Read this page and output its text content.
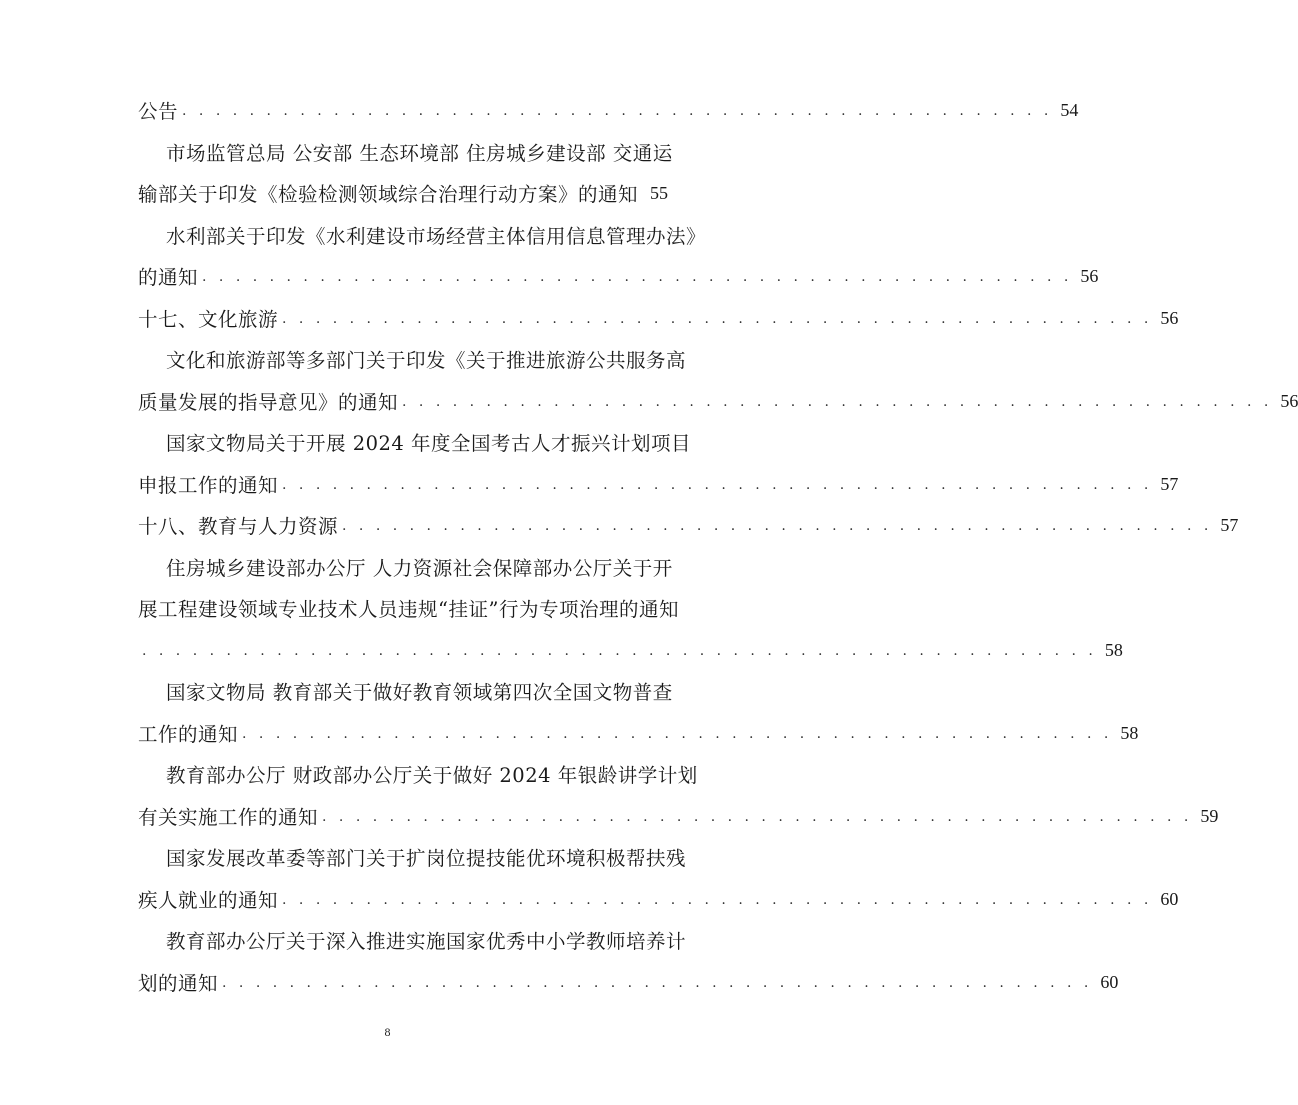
公告 . . . . . . . . . . . . . . . . . . . . . . . . . . . . . . . . . . . . . . . . . . . . . . . . . . . . 54
市场监管总局 公安部 生态环境部 住房城乡建设部 交通运
输部关于印发《检验检测领域综合治理行动方案》的通知 55
水利部关于印发《水利建设市场经营主体信用信息管理办法》
的通知 . . . . . . . . . . . . . . . . . . . . . . . . . . . . . . . . . . . . . . . . . . . . . . . . . . . . 56
十七、文化旅游 . . . . . . . . . . . . . . . . . . . . . . . . . . . . . . . . . . . . . . . . . . . . . . . . . . . . 56
文化和旅游部等多部门关于印发《关于推进旅游公共服务高
质量发展的指导意见》的通知 . . . . . . . . . . . . . . . . . . . . . . . . . . . . . . . . . . . . . . . . . . . . . . . . . . . . 56
国家文物局关于开展 2024 年度全国考古人才振兴计划项目
申报工作的通知 . . . . . . . . . . . . . . . . . . . . . . . . . . . . . . . . . . . . . . . . . . . . . . . . . . . . 57
十八、教育与人力资源 . . . . . . . . . . . . . . . . . . . . . . . . . . . . . . . . . . . . . . . . . . . . . . . . . . . . 57
住房城乡建设部办公厅 人力资源社会保障部办公厅关于开
展工程建设领域专业技术人员违规“挂证”行为专项治理的通知
. . . . . . . . . . . . . . . . . . . . . . . . . . . . . . . . . . . . . . . . . . . . . . . . . . . . . . . . . 58
国家文物局 教育部关于做好教育领域第四次全国文物普查
工作的通知 . . . . . . . . . . . . . . . . . . . . . . . . . . . . . . . . . . . . . . . . . . . . . . . . . . . . 58
教育部办公厅 财政部办公厅关于做好 2024 年银龄讲学计划
有关实施工作的通知 . . . . . . . . . . . . . . . . . . . . . . . . . . . . . . . . . . . . . . . . . . . . . . . . . . . . 59
国家发展改革委等部门关于扩岗位提技能优环境积极帮扶残
疾人就业的通知 . . . . . . . . . . . . . . . . . . . . . . . . . . . . . . . . . . . . . . . . . . . . . . . . . . . . 60
教育部办公厅关于深入推进实施国家优秀中小学教师培养计
划的通知 . . . . . . . . . . . . . . . . . . . . . . . . . . . . . . . . . . . . . . . . . . . . . . . . . . . . 60
8
